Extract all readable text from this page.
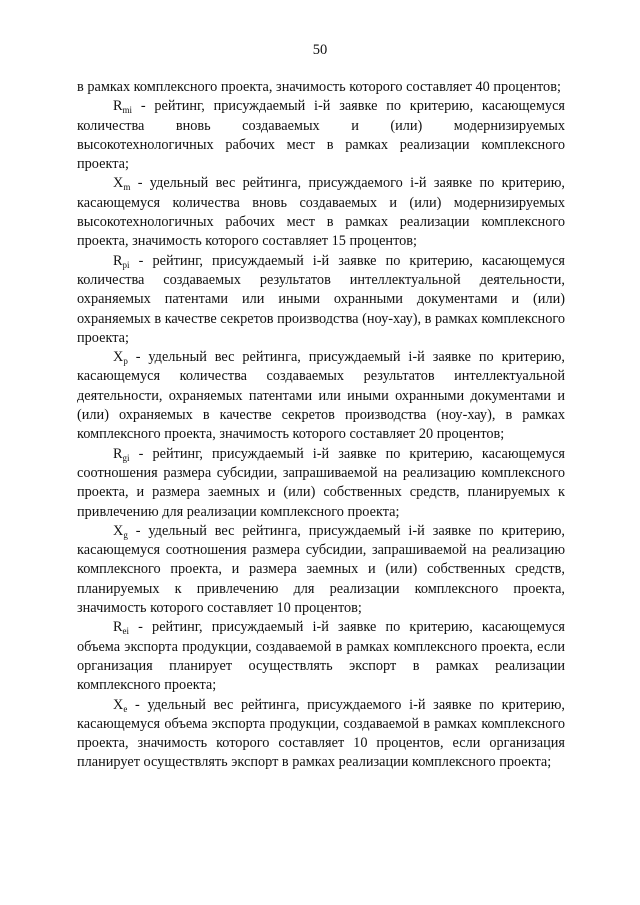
50

в рамках комплексного проекта, значимость которого составляет 40 процентов;

$R_{mi}$ - рейтинг, присуждаемый i-й заявке по критерию, касающемуся количества вновь создаваемых и (или) модернизируемых высокотехнологичных рабочих мест в рамках реализации комплексного проекта;

$X_m$ - удельный вес рейтинга, присуждаемого i-й заявке по критерию, касающемуся количества вновь создаваемых и (или) модернизируемых высокотехнологичных рабочих мест в рамках реализации комплексного проекта, значимость которого составляет 15 процентов;

$R_{pi}$ - рейтинг, присуждаемый i-й заявке по критерию, касающемуся количества создаваемых результатов интеллектуальной деятельности, охраняемых патентами или иными охранными документами и (или) охраняемых в качестве секретов производства (ноу-хау), в рамках комплексного проекта;

$X_p$ - удельный вес рейтинга, присуждаемый i-й заявке по критерию, касающемуся количества создаваемых результатов интеллектуальной деятельности, охраняемых патентами или иными охранными документами и (или) охраняемых в качестве секретов производства (ноу-хау), в рамках комплексного проекта, значимость которого составляет 20 процентов;

$R_{gi}$ - рейтинг, присуждаемый i-й заявке по критерию, касающемуся соотношения размера субсидии, запрашиваемой на реализацию комплексного проекта, и размера заемных и (или) собственных средств, планируемых к привлечению для реализации комплексного проекта;

$X_g$ - удельный вес рейтинга, присуждаемый i-й заявке по критерию, касающемуся соотношения размера субсидии, запрашиваемой на реализацию комплексного проекта, и размера заемных и (или) собственных средств, планируемых к привлечению для реализации комплексного проекта, значимость которого составляет 10 процентов;

$R_{ei}$ - рейтинг, присуждаемый i-й заявке по критерию, касающемуся объема экспорта продукции, создаваемой в рамках комплексного проекта, если организация планирует осуществлять экспорт в рамках реализации комплексного проекта;

$X_e$ - удельный вес рейтинга, присуждаемого i-й заявке по критерию, касающемуся объема экспорта продукции, создаваемой в рамках комплексного проекта, значимость которого составляет 10 процентов, если организация планирует осуществлять экспорт в рамках реализации комплексного проекта;
